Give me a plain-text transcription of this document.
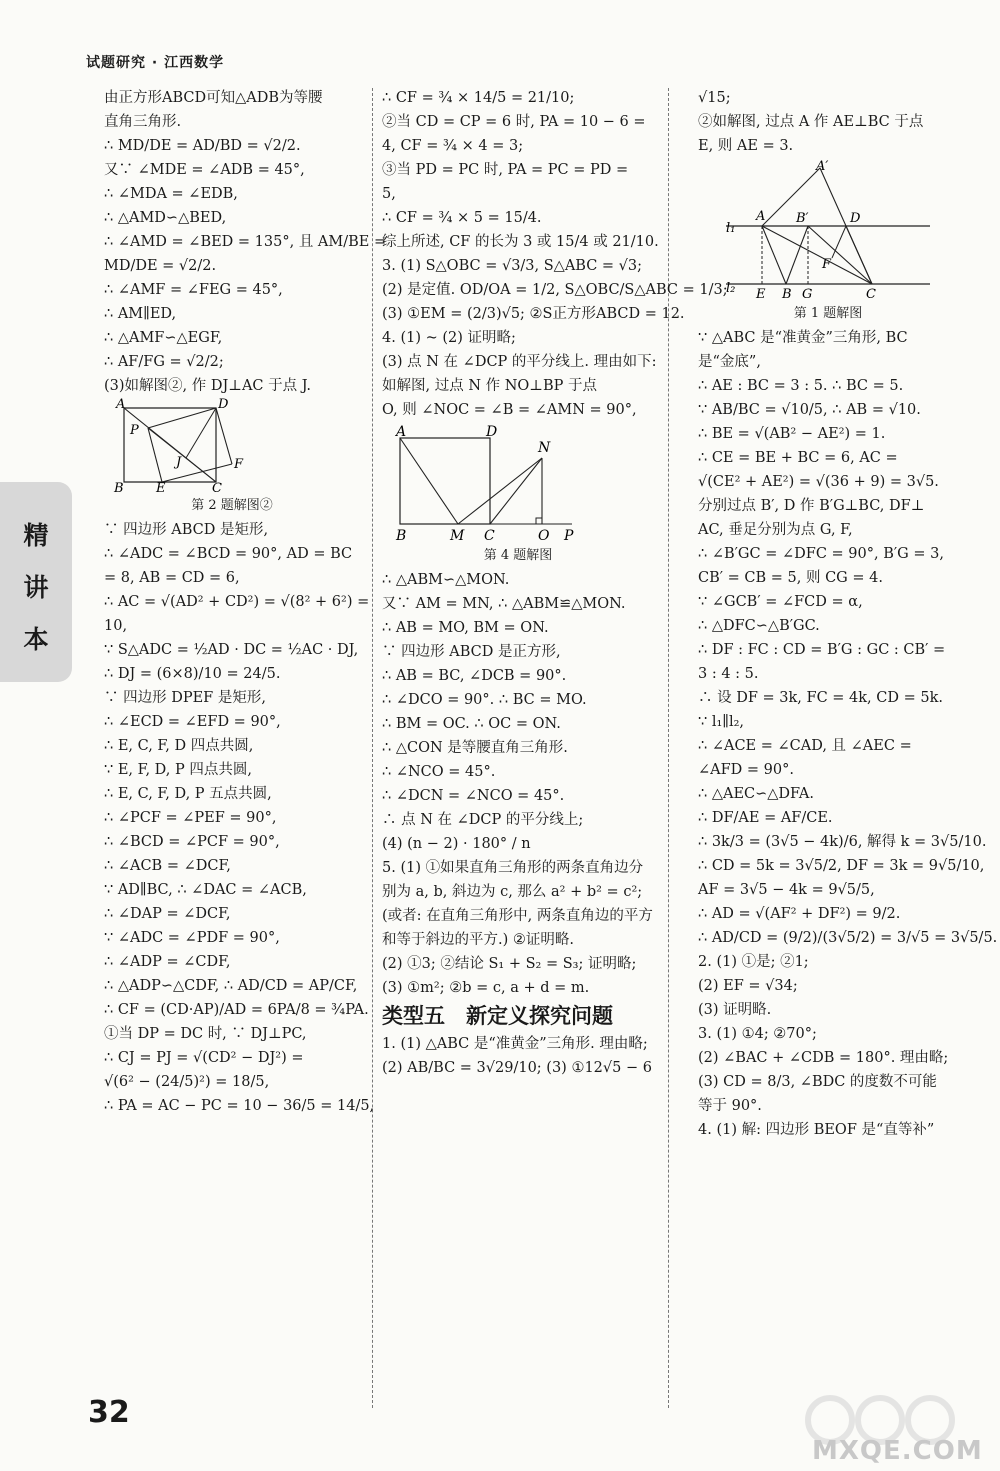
试题研究 · 江西数学
精
讲
本
由正方形ABCD可知△ADB为等腰
直角三角形.
∴ MD/DE = AD/BD = √2/2.
又∵ ∠MDE = ∠ADB = 45°,
∴ ∠MDA = ∠EDB,
∴ △AMD∽△BED,
∴ ∠AMD = ∠BED = 135°, 且 AM/BE =
MD/DE = √2/2.
∴ ∠AMF = ∠FEG = 45°,
∴ AM∥ED,
∴ △AMF∽△EGF,
∴ AF/FG = √2/2;
(3)如解图②, 作 DJ⊥AC 于点 J.
A	D
P
J	F
B E	C
第 2 题解图②
∵ 四边形 ABCD 是矩形,
∴ ∠ADC = ∠BCD = 90°, AD = BC
= 8, AB = CD = 6,
∴ AC = √(AD² + CD²) = √(8² + 6²) =
10,
∵ S△ADC = ½AD · DC = ½AC · DJ,
∴ DJ = (6×8)/10 = 24/5.
∵ 四边形 DPEF 是矩形,
∴ ∠ECD = ∠EFD = 90°,
∴ E, C, F, D 四点共圆,
∵ E, F, D, P 四点共圆,
∴ E, C, F, D, P 五点共圆,
∴ ∠PCF = ∠PEF = 90°,
∴ ∠BCD = ∠PCF = 90°,
∴ ∠ACB = ∠DCF,
∵ AD∥BC, ∴ ∠DAC = ∠ACB,
∴ ∠DAP = ∠DCF,
∵ ∠ADC = ∠PDF = 90°,
∴ ∠ADP = ∠CDF,
∴ △ADP∽△CDF, ∴ AD/CD = AP/CF,
∴ CF = (CD·AP)/AD = 6PA/8 = ¾PA.
①当 DP = DC 时, ∵ DJ⊥PC,
∴ CJ = PJ = √(CD² − DJ²) =
√(6² − (24/5)²) = 18/5,
∴ PA = AC − PC = 10 − 36/5 = 14/5,
∴ CF = ¾ × 14/5 = 21/10;
②当 CD = CP = 6 时, PA = 10 − 6 =
4, CF = ¾ × 4 = 3;
③当 PD = PC 时, PA = PC = PD =
5,
∴ CF = ¾ × 5 = 15/4.
综上所述, CF 的长为 3 或 15/4 或 21/10.
3. (1) S△OBC = √3/3, S△ABC = √3;
(2) 是定值. OD/OA = 1/2, S△OBC/S△ABC = 1/3;
(3) ①EM = (2/3)√5; ②S正方形ABCD = 12.
4. (1) ~ (2) 证明略;
(3) 点 N 在 ∠DCP 的平分线上. 理由如下:
如解图, 过点 N 作 NO⊥BP 于点
O, 则 ∠NOC = ∠B = ∠AMN = 90°,
A	D
N
B	M C	O P
第 4 题解图
∴ △ABM∽△MON.
又∵ AM = MN, ∴ △ABM≌△MON.
∴ AB = MO, BM = ON.
∵ 四边形 ABCD 是正方形,
∴ AB = BC, ∠DCB = 90°.
∴ ∠DCO = 90°. ∴ BC = MO.
∴ BM = OC. ∴ OC = ON.
∴ △CON 是等腰直角三角形.
∴ ∠NCO = 45°.
∴ ∠DCN = ∠NCO = 45°.
∴ 点 N 在 ∠DCP 的平分线上;
(4) (n − 2) · 180° / n
5. (1) ①如果直角三角形的两条直角边分别为 a, b, 斜边为 c, 那么 a² + b² = c²; (或者: 在直角三角形中, 两条直角边的平方和等于斜边的平方.) ②证明略.
(2) ①3; ②结论 S₁ + S₂ = S₃; 证明略;
(3) ①m²; ②b = c, a + d = m.
类型五　新定义探究问题
1. (1) △ABC 是“准黄金”三角形. 理由略;
(2) AB/BC = 3√29/10; (3) ①12√5 − 6
√15;
②如解图, 过点 A 作 AE⊥BC 于点
E, 则 AE = 3.
A′
A B′	D
l₁
F
l₂ E B G	C
第 1 题解图
∵ △ABC 是“准黄金”三角形, BC
是“金底”,
∴ AE : BC = 3 : 5. ∴ BC = 5.
∵ AB/BC = √10/5, ∴ AB = √10.
∴ BE = √(AB² − AE²) = 1.
∴ CE = BE + BC = 6, AC =
√(CE² + AE²) = √(36 + 9) = 3√5.
分别过点 B′, D 作 B′G⊥BC, DF⊥
AC, 垂足分别为点 G, F,
∴ ∠B′GC = ∠DFC = 90°, B′G = 3,
CB′ = CB = 5, 则 CG = 4.
∵ ∠GCB′ = ∠FCD = α,
∴ △DFC∽△B′GC.
∴ DF : FC : CD = B′G : GC : CB′ = 3 : 4 : 5.
∴ 设 DF = 3k, FC = 4k, CD = 5k.
∵ l₁∥l₂,
∴ ∠ACE = ∠CAD, 且 ∠AEC =
∠AFD = 90°.
∴ △AEC∽△DFA.
∴ DF/AE = AF/CE.
∴ 3k/3 = (3√5 − 4k)/6, 解得 k = 3√5/10.
∴ CD = 5k = 3√5/2, DF = 3k = 9√5/10,
AF = 3√5 − 4k = 9√5/5,
∴ AD = √(AF² + DF²) = 9/2.
∴ AD/CD = (9/2)/(3√5/2) = 3/√5 = 3√5/5.
2. (1) ①是; ②1;
(2) EF = √34;
(3) 证明略.
3. (1) ①4; ②70°;
(2) ∠BAC + ∠CDB = 180°. 理由略;
(3) CD = 8/3, ∠BDC 的度数不可能
等于 90°.
4. (1) 解: 四边形 BEOF 是“直等补”
32
MXQE.COM
